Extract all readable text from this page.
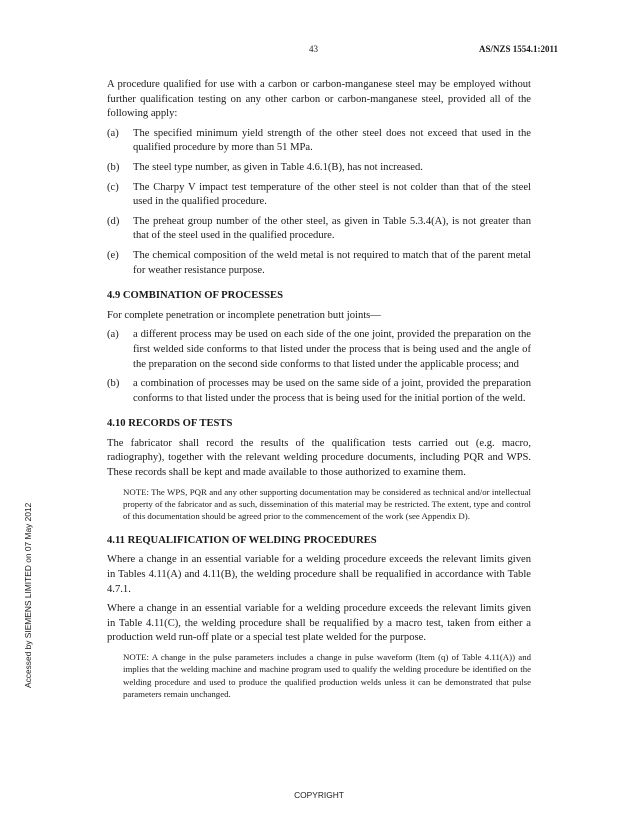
43	AS/NZS 1554.1:2011

A procedure qualified for use with a carbon or carbon-manganese steel may be employed without further qualification testing on any other carbon or carbon-manganese steel, provided all of the following apply:

(a)	The specified minimum yield strength of the other steel does not exceed that used in the qualified procedure by more than 51 MPa.
(b)	The steel type number, as given in Table 4.6.1(B), has not increased.
(c)	The Charpy V impact test temperature of the other steel is not colder than that of the steel used in the qualified procedure.
(d)	The preheat group number of the other steel, as given in Table 5.3.4(A), is not greater than that of the steel used in the qualified procedure.
(e)	The chemical composition of the weld metal is not required to match that of the parent metal for weather resistance purpose.
4.9 COMBINATION OF PROCESSES

For complete penetration or incomplete penetration butt joints—

(a)	a different process may be used on each side of the one joint, provided the preparation on the first welded side conforms to that listed under the process that is being used and the angle of the preparation on the second side conforms to that listed under the applicable process; and
(b)	a combination of processes may be used on the same side of a joint, provided the preparation conforms to that listed under the process that is being used for the initial portion of the weld.
4.10 RECORDS OF TESTS

The fabricator shall record the results of the qualification tests carried out (e.g. macro, radiography), together with the relevant welding procedure documents, including PQR and WPS. These records shall be kept and made available to those authorized to examine them.

NOTE: The WPS, PQR and any other supporting documentation may be considered as technical and/or intellectual property of the fabricator and as such, dissemination of this material may be restricted. The extent, type and control of this documentation should be agreed prior to the commencement of the work (see Appendix D).
4.11 REQUALIFICATION OF WELDING PROCEDURES

Where a change in an essential variable for a welding procedure exceeds the relevant limits given in Tables 4.11(A) and 4.11(B), the welding procedure shall be requalified in accordance with Table 4.7.1.

Where a change in an essential variable for a welding procedure exceeds the relevant limits given in Table 4.11(C), the welding procedure shall be requalified by a macro test, taken from either a production weld run-off plate or a special test plate welded for the purpose.

NOTE: A change in the pulse parameters includes a change in pulse waveform (Item (q) of Table 4.11(A)) and implies that the welding machine and machine program used to qualify the welding procedure be identified on the welding procedure and used to produce the qualified production welds unless it can be demonstrated that pulse parameters remain unchanged.
Accessed by SIEMENS LIMITED on 07 May 2012
COPYRIGHT
